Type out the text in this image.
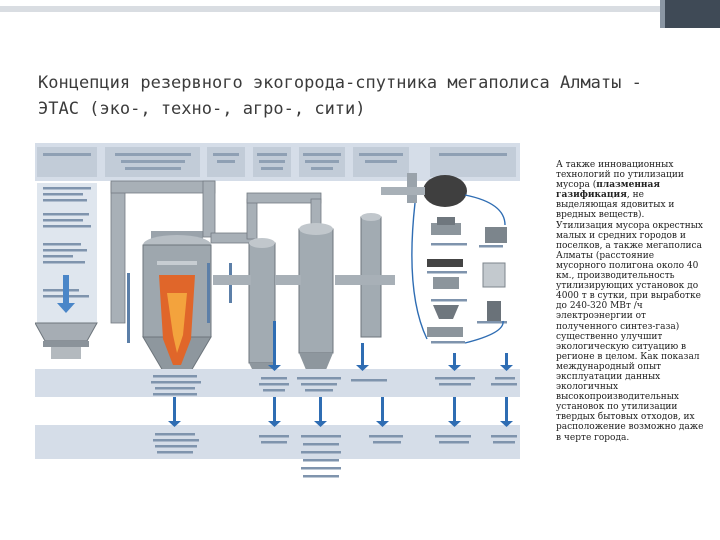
Концепция резервного экогорода-спутника мегаполиса Алматы -
ЭТАС (эко-, техно-, агро-, сити)
А также инновационных технологий по утилизации мусора (плазменная газификация, не выделяющая ядовитых и вредных веществ). Утилизация мусора окрестных малых и средних городов и поселков, а также мегаполиса Алматы (расстояние мусорного полигона около 40 км., производительность утилизирующих установок до 4000 т в сутки, при выработке до 240-320 МВт /ч электроэнергии от полученного синтез-газа) существенно улучшит экологическую ситуацию в регионе в целом. Как показал международный опыт эксплуатации данных экологичных высокопроизводительных установок по утилизации твердых бытовых отходов, их расположение возможно даже в черте города.
